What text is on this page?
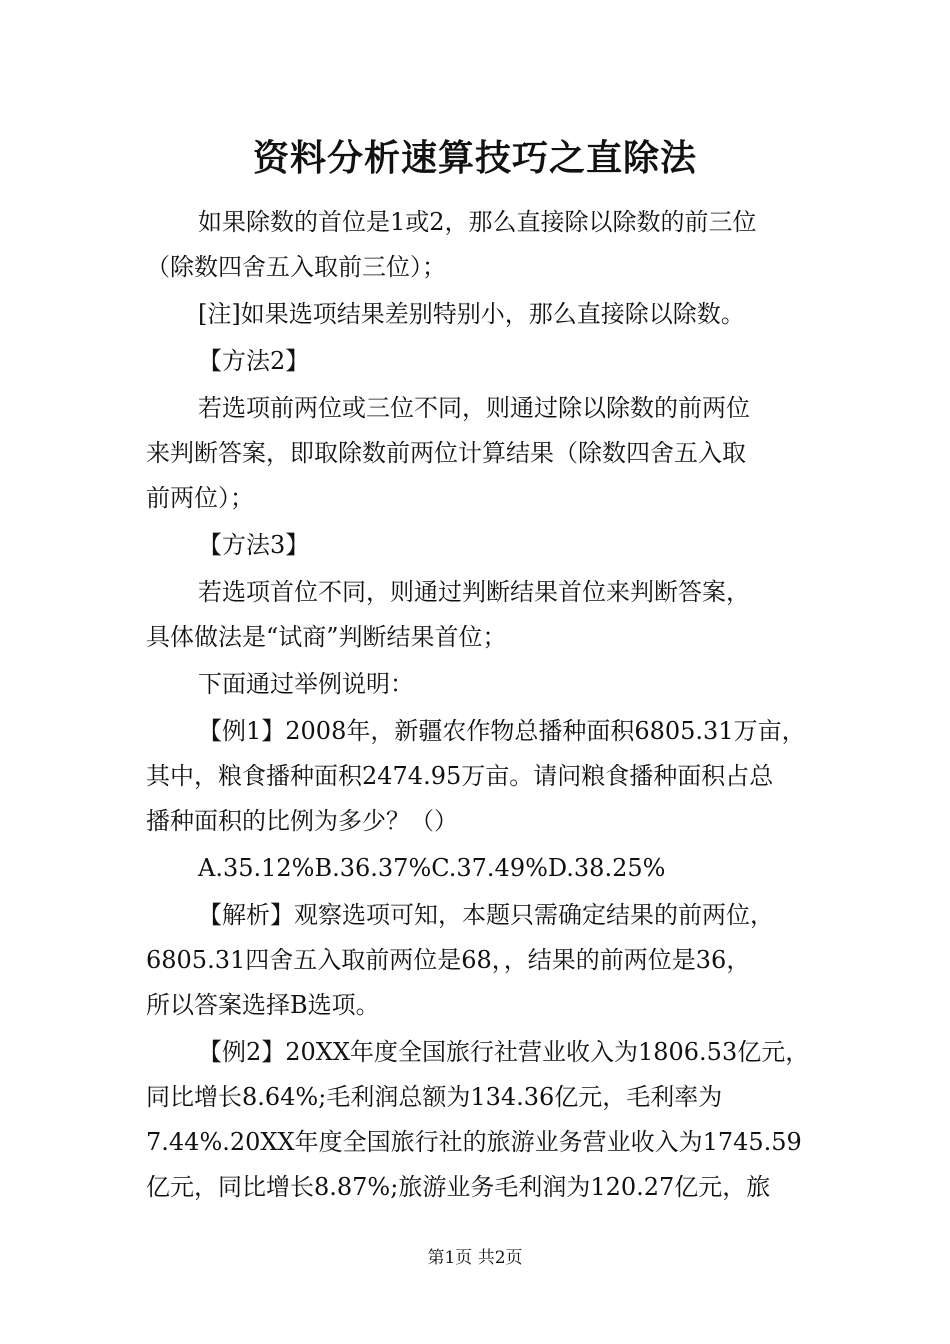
资料分析速算技巧之直除法
如果除数的首位是1或2，那么直接除以除数的前三位
（除数四舍五入取前三位）；
[注]如果选项结果差别特别小，那么直接除以除数。
【方法2】
若选项前两位或三位不同，则通过除以除数的前两位
来判断答案，即取除数前两位计算结果（除数四舍五入取
前两位）；
【方法3】
若选项首位不同，则通过判断结果首位来判断答案，
具体做法是“试商”判断结果首位；
下面通过举例说明：
【例1】2008年，新疆农作物总播种面积6805.31万亩，
其中，粮食播种面积2474.95万亩。请问粮食播种面积占总
播种面积的比例为多少？（）
A.35.12%B.36.37%C.37.49%D.38.25%
【解析】观察选项可知，本题只需确定结果的前两位，
6805.31四舍五入取前两位是68，，结果的前两位是36，
所以答案选择B选项。
【例2】20XX年度全国旅行社营业收入为1806.53亿元，
同比增长8.64%;毛利润总额为134.36亿元，毛利率为
7.44%.20XX年度全国旅行社的旅游业务营业收入为1745.59
亿元，同比增长8.87%;旅游业务毛利润为120.27亿元，旅
第1页 共2页
